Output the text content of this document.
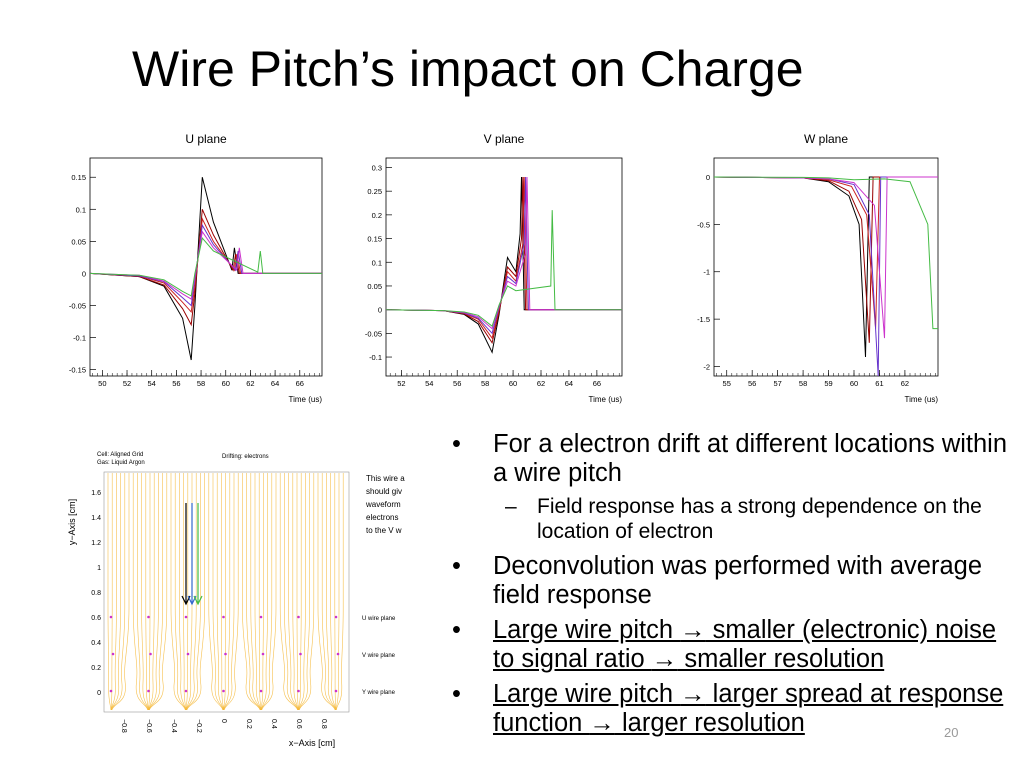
Wire Pitch’s impact on Charge
U plane
Time (us)
50 52 54 56 58 60 62 64 66
-0.15
-0.1
-0.05
0
0.05
0.1
0.15
V plane
Time (us)
52	54	56	58	60	62	64	66
-0.1
-0.05
0
0.05
0.1
0.15
0.2
0.25
0.3
W plane
Time (us)
55 56 57 58 59 60 61 62
-2
-1.5
-1
-0.5
0
Cell: Aligned Grid
Gas: Liquid Argon
Drifting: electrons
This wire a
should giv
waveform
electrons
to the V w
U wire plane
V wire plane
Y wire plane
1.6
1.4
1.2
1
0.8
0.6
0.4
0.2
0
−0.8	−0.6	−0.4	−0.2	0	0.2	0.4	0.6	0.8
y−Axis [cm]
x−Axis [cm]
• For a electron drift at different locations within a wire pitch
– Field response has a strong dependence on the location of electron
• Deconvolution was performed with average field response
• Large wire pitch → smaller (electronic) noise to signal ratio → smaller resolution
• Large wire pitch → larger spread at response function → larger resolution	20
